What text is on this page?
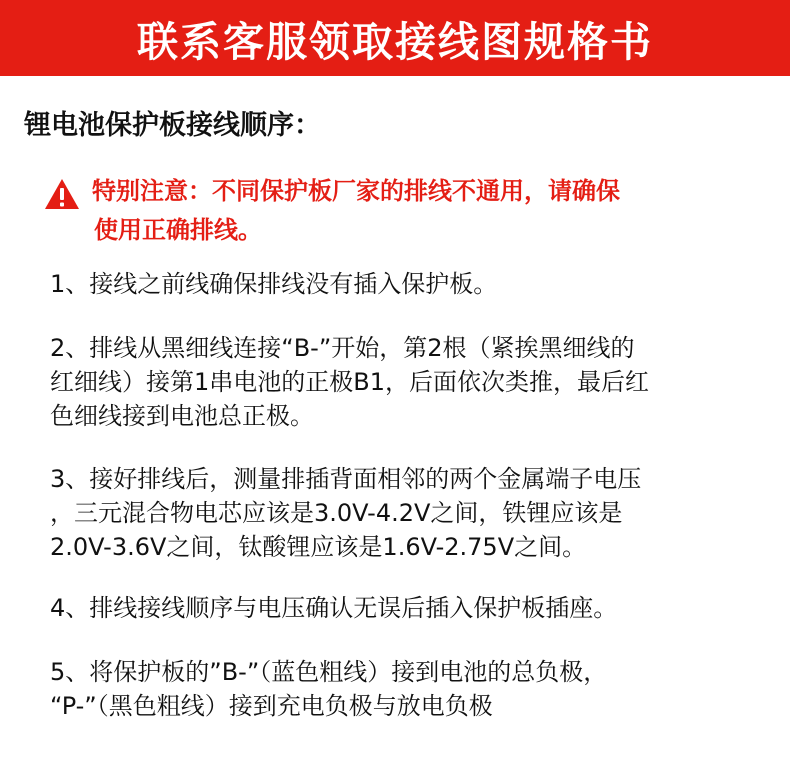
联系客服领取接线图规格书
锂电池保护板接线顺序：
特别注意：不同保护板厂家的排线不通用，请确保
使用正确排线。
1、接线之前线确保排线没有插入保护板。
2、排线从黑细线连接“B-”开始，第2根（紧挨黑细线的
红细线）接第1串电池的正极B1，后面依次类推，最后红
色细线接到电池总正极。
3、接好排线后，测量排插背面相邻的两个金属端子电压
，三元混合物电芯应该是3.0V-4.2V之间，铁锂应该是
2.0V-3.6V之间，钛酸锂应该是1.6V-2.75V之间。
4、排线接线顺序与电压确认无误后插入保护板插座。
5、将保护板的”B-”（蓝色粗线）接到电池的总负极，
“P-”（黑色粗线）接到充电负极与放电负极
